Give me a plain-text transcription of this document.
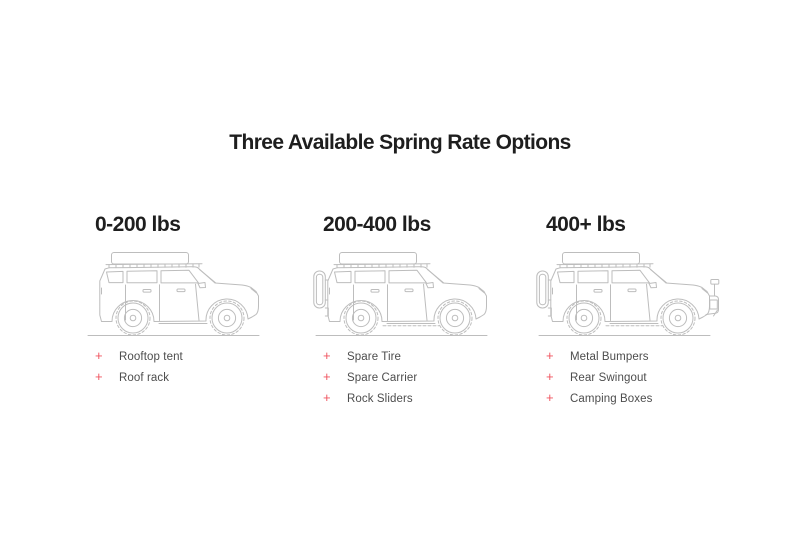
Three Available Spring Rate Options
0-200 lbs
+	Rooftop tent
+	Roof rack
200-400 lbs
+	Spare Tire
+	Spare Carrier
+	Rock Sliders
400+ lbs
+	Metal Bumpers
+	Rear Swingout
+	Camping Boxes
